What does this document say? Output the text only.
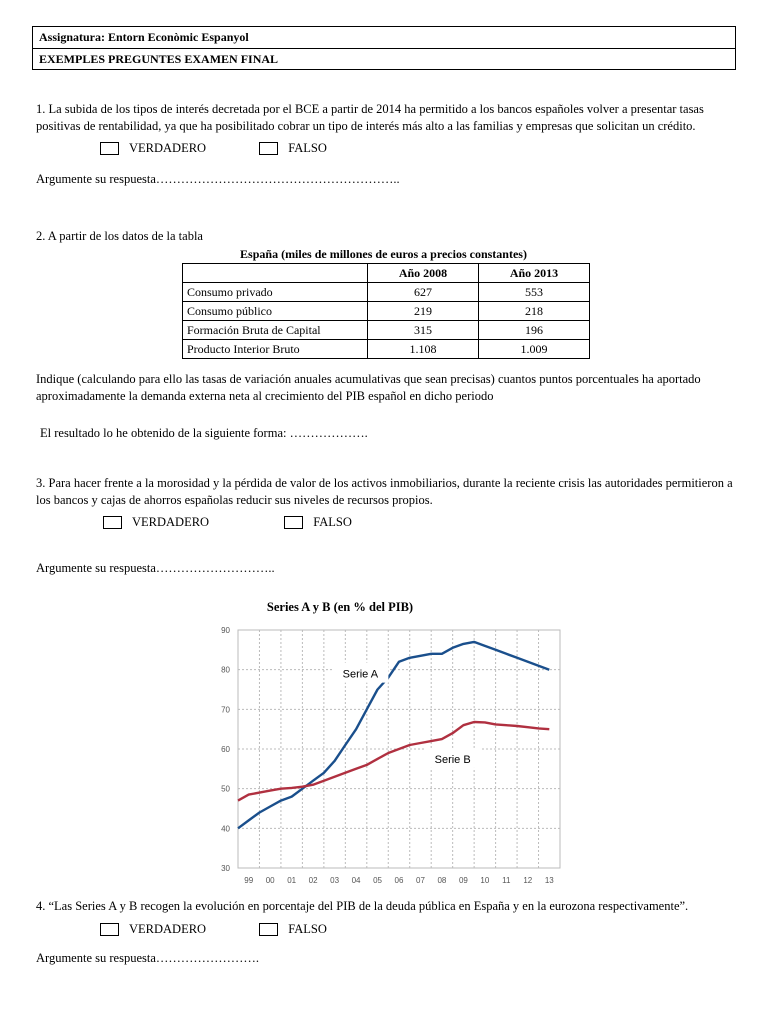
Assignatura: Entorn Econòmic Espanyol
EXEMPLES PREGUNTES EXAMEN FINAL
1. La subida de los tipos de interés decretada por el BCE a partir de 2014 ha permitido a los bancos españoles volver a presentar tasas positivas de rentabilidad, ya que ha posibilitado cobrar un tipo de interés más alto a las familias y empresas que solicitan un crédito.
VERDADERO
	FALSO
Argumente su respuesta…………………………………………………..
2. A partir de los datos de la tabla
España (miles de millones de euros a precios constantes)
	Año 2008	Año 2013
Consumo privado	627	553
Consumo público	219	218
Formación Bruta de Capital	315	196
Producto Interior Bruto	1.108	1.009
Indique (calculando para ello las tasas de variación anuales acumulativas que sean precisas) cuantos puntos porcentuales ha aportado aproximadamente la demanda externa neta al crecimiento del PIB español en dicho periodo
El resultado lo he obtenido de la siguiente forma: ……………….
3. Para hacer frente a la morosidad y la pérdida de valor de los activos inmobiliarios, durante la reciente crisis las autoridades permitieron a los bancos y cajas de ahorros españolas reducir sus niveles de recursos propios.
VERDADERO
	FALSO
Argumente su respuesta………………………..
Series A y B (en % del PIB)
30
40
50
60
70
80
90
99 00 01 02 03 04 05 06 07 08 09 10 11 12 13
Serie A
Serie B
4. “Las Series A y B recogen la evolución en porcentaje del PIB de la deuda pública en España y en la eurozona respectivamente”.
VERDADERO
	FALSO
Argumente su respuesta…………………….
